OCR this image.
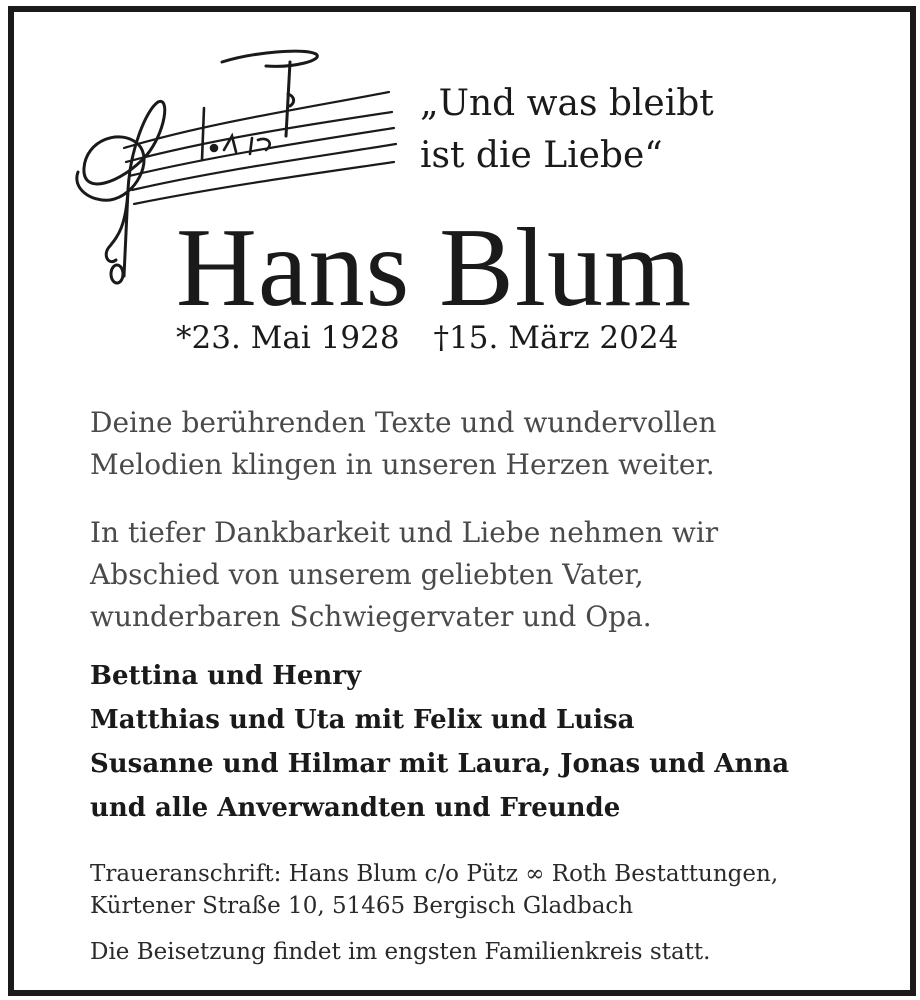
„Und was bleibt
ist die Liebe“
Hans Blum
*23. Mai 1928 †15. März 2024
Deine berührenden Texte und wundervollen
Melodien klingen in unseren Herzen weiter.
In tiefer Dankbarkeit und Liebe nehmen wir
Abschied von unserem geliebten Vater,
wunderbaren Schwiegervater und Opa.
Bettina und Henry
Matthias und Uta mit Felix und Luisa
Susanne und Hilmar mit Laura, Jonas und Anna
und alle Anverwandten und Freunde
Traueranschrift: Hans Blum c/o Pütz ∞ Roth Bestattungen,
Kürtener Straße 10, 51465 Bergisch Gladbach
Die Beisetzung findet im engsten Familienkreis statt.
